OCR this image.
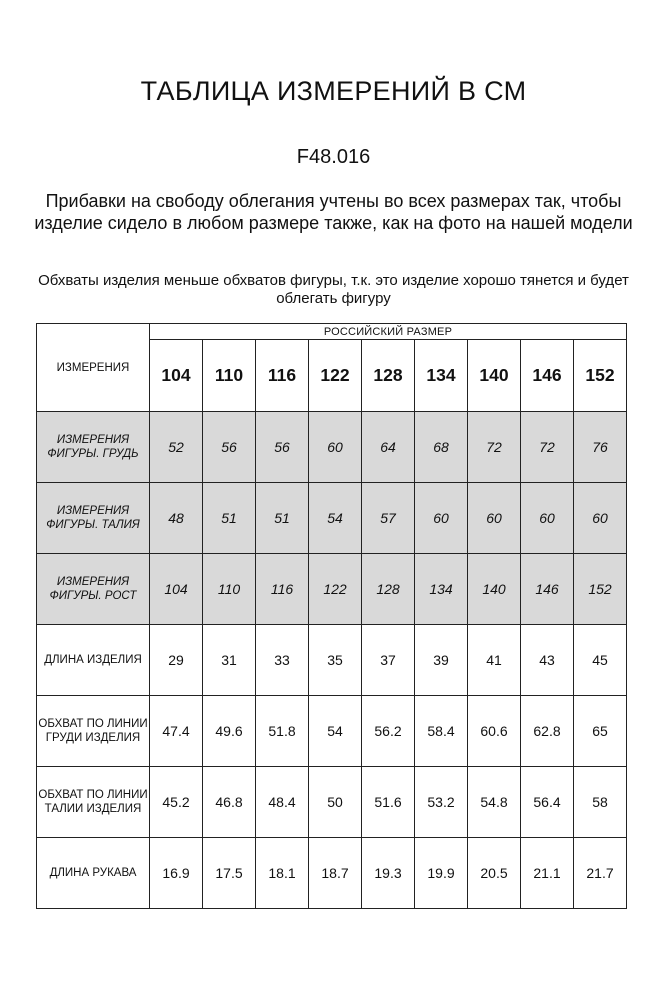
ТАБЛИЦА ИЗМЕРЕНИЙ В СМ
F48.016
Прибавки на свободу облегания учтены во всех размерах так, чтобы изделие сидело в любом размере также, как на фото на нашей модели
Обхваты изделия меньше обхватов фигуры, т.к. это изделие хорошо тянется и будет облегать фигуру
ИЗМЕРЕНИЯ	РОССИЙСКИЙ РАЗМЕР								
	104	110	116	122	128	134	140	146	152
ИЗМЕРЕНИЯ ФИГУРЫ. ГРУДЬ	52	56	56	60	64	68	72	72	76
ИЗМЕРЕНИЯ ФИГУРЫ. ТАЛИЯ	48	51	51	54	57	60	60	60	60
ИЗМЕРЕНИЯ ФИГУРЫ. РОСТ	104	110	116	122	128	134	140	146	152
ДЛИНА ИЗДЕЛИЯ	29	31	33	35	37	39	41	43	45
ОБХВАТ ПО ЛИНИИ ГРУДИ ИЗДЕЛИЯ	47.4	49.6	51.8	54	56.2	58.4	60.6	62.8	65
ОБХВАТ ПО ЛИНИИ ТАЛИИ ИЗДЕЛИЯ	45.2	46.8	48.4	50	51.6	53.2	54.8	56.4	58
ДЛИНА РУКАВА	16.9	17.5	18.1	18.7	19.3	19.9	20.5	21.1	21.7
